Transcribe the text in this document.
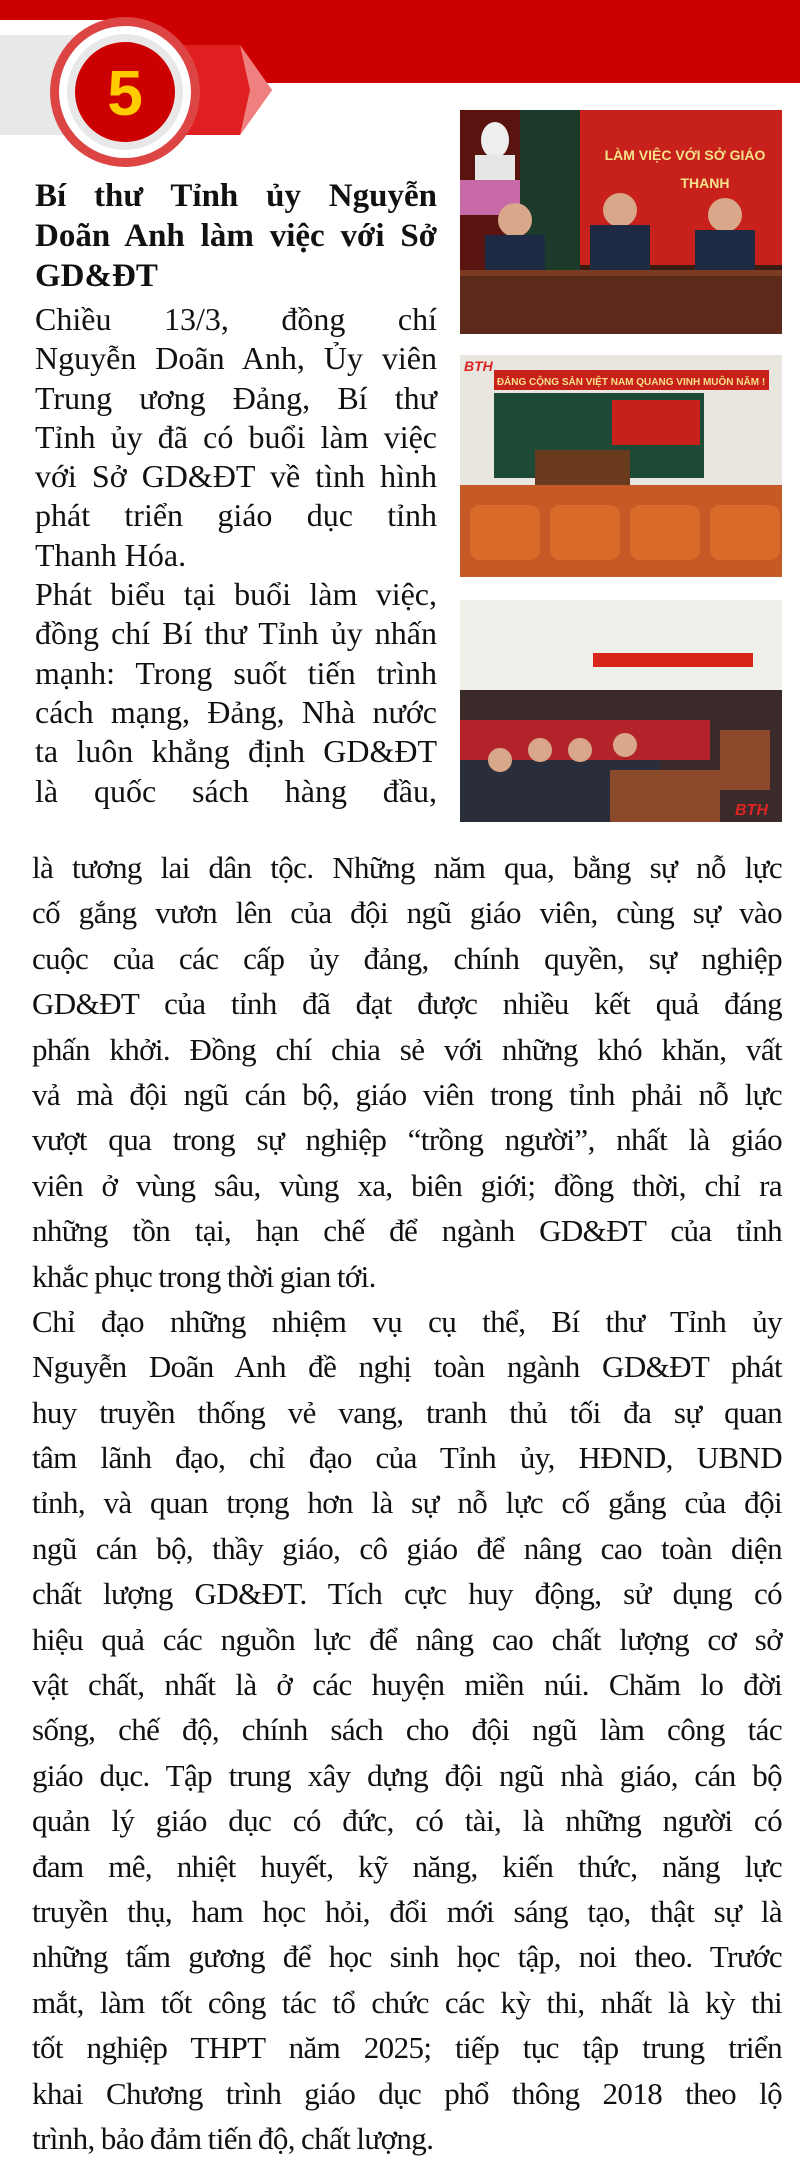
5
Bí thư Tỉnh ủy Nguyễn
Doãn Anh làm việc với Sở
GD&ĐT
Chiều 13/3, đồng chí
Nguyễn Doãn Anh, Ủy viên
Trung ương Đảng, Bí thư
Tỉnh ủy đã có buổi làm việc
với Sở GD&ĐT về tình hình
phát triển giáo dục tỉnh
Thanh Hóa.
Phát biểu tại buổi làm việc,
đồng chí Bí thư Tỉnh ủy nhấn
mạnh: Trong suốt tiến trình
cách mạng, Đảng, Nhà nước
ta luôn khẳng định GD&ĐT
là quốc sách hàng đầu,
là tương lai dân tộc. Những năm qua, bằng sự nỗ lực
cố gắng vươn lên của đội ngũ giáo viên, cùng sự vào
cuộc của các cấp ủy đảng, chính quyền, sự nghiệp
GD&ĐT của tỉnh đã đạt được nhiều kết quả đáng
phấn khởi. Đồng chí chia sẻ với những khó khăn, vất
vả mà đội ngũ cán bộ, giáo viên trong tỉnh phải nỗ lực
vượt qua trong sự nghiệp “trồng người”, nhất là giáo
viên ở vùng sâu, vùng xa, biên giới; đồng thời, chỉ ra
những tồn tại, hạn chế để ngành GD&ĐT của tỉnh
khắc phục trong thời gian tới.
Chỉ đạo những nhiệm vụ cụ thể, Bí thư Tỉnh ủy
Nguyễn Doãn Anh đề nghị toàn ngành GD&ĐT phát
huy truyền thống vẻ vang, tranh thủ tối đa sự quan
tâm lãnh đạo, chỉ đạo của Tỉnh ủy, HĐND, UBND
tỉnh, và quan trọng hơn là sự nỗ lực cố gắng của đội
ngũ cán bộ, thầy giáo, cô giáo để nâng cao toàn diện
chất lượng GD&ĐT. Tích cực huy động, sử dụng có
hiệu quả các nguồn lực để nâng cao chất lượng cơ sở
vật chất, nhất là ở các huyện miền núi. Chăm lo đời
sống, chế độ, chính sách cho đội ngũ làm công tác
giáo dục. Tập trung xây dựng đội ngũ nhà giáo, cán bộ
quản lý giáo dục có đức, có tài, là những người có
đam mê, nhiệt huyết, kỹ năng, kiến thức, năng lực
truyền thụ, ham học hỏi, đổi mới sáng tạo, thật sự là
những tấm gương để học sinh học tập, noi theo. Trước
mắt, làm tốt công tác tổ chức các kỳ thi, nhất là kỳ thi
tốt nghiệp THPT năm 2025; tiếp tục tập trung triển
khai Chương trình giáo dục phổ thông 2018 theo lộ
trình, bảo đảm tiến độ, chất lượng.
LÀM VIỆC VỚI SỞ GIÁO
THANH
ĐẢNG CỘNG SẢN VIỆT NAM QUANG VINH MUÔN NĂM !
BTH
BTH
